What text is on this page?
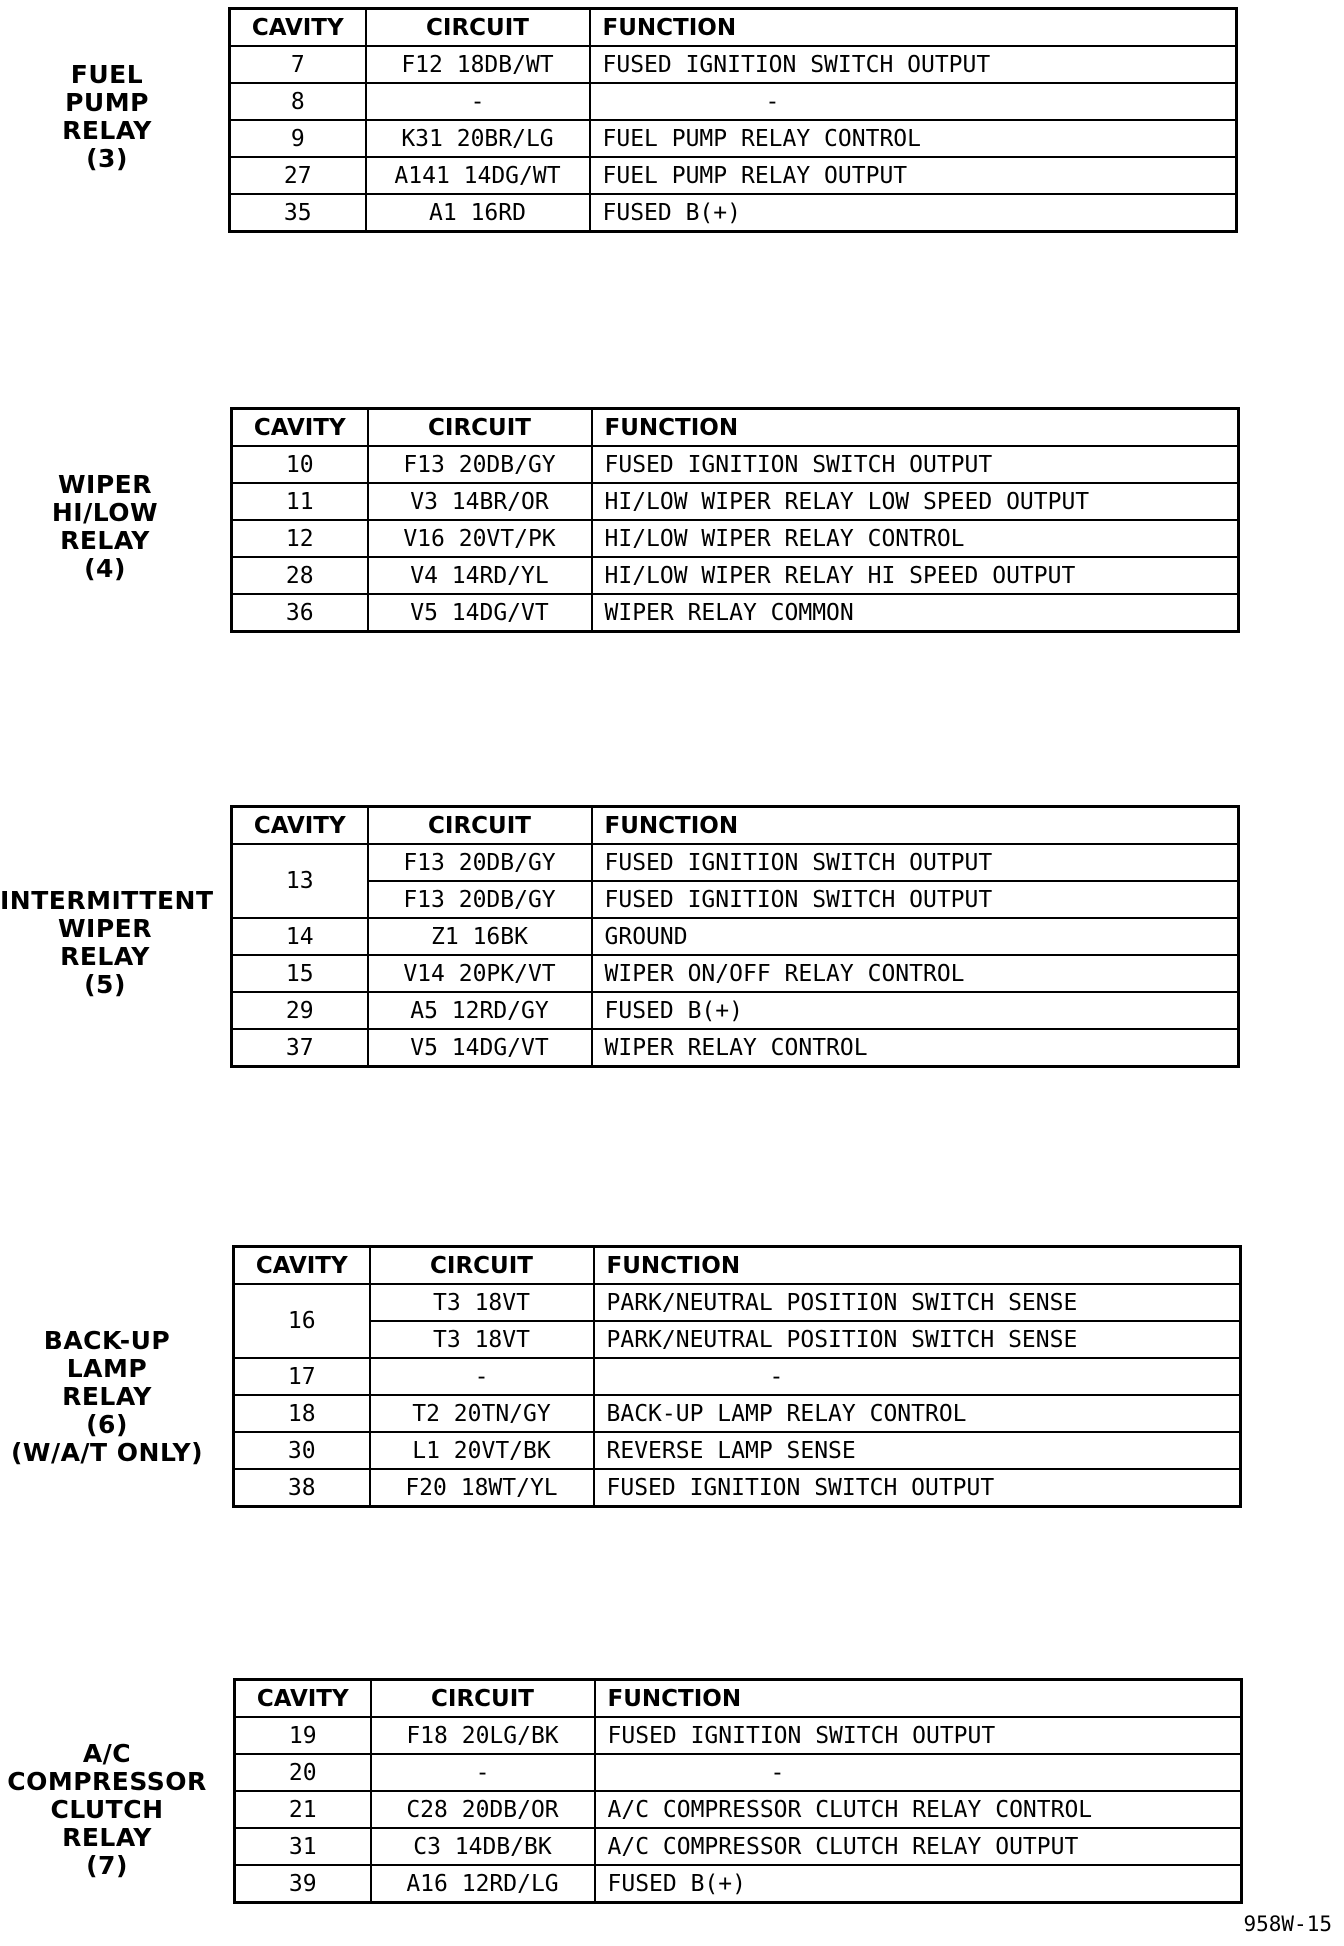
FUEL
PUMP
RELAY
(3)
CAVITY	CIRCUIT	FUNCTION
7	F12 18DB/WT	FUSED IGNITION SWITCH OUTPUT
8	-	-
9	K31 20BR/LG	FUEL PUMP RELAY CONTROL
27	A141 14DG/WT	FUEL PUMP RELAY OUTPUT
35	A1 16RD	FUSED B(+)
WIPER
HI/LOW
RELAY
(4)
CAVITY	CIRCUIT	FUNCTION
10	F13 20DB/GY	FUSED IGNITION SWITCH OUTPUT
11	V3 14BR/OR	HI/LOW WIPER RELAY LOW SPEED OUTPUT
12	V16 20VT/PK	HI/LOW WIPER RELAY CONTROL
28	V4 14RD/YL	HI/LOW WIPER RELAY HI SPEED OUTPUT
36	V5 14DG/VT	WIPER RELAY COMMON
INTERMITTENT
WIPER
RELAY
(5)
CAVITY	CIRCUIT	FUNCTION
13	F13 20DB/GY	FUSED IGNITION SWITCH OUTPUT
	F13 20DB/GY	FUSED IGNITION SWITCH OUTPUT
14	Z1 16BK	GROUND
15	V14 20PK/VT	WIPER ON/OFF RELAY CONTROL
29	A5 12RD/GY	FUSED B(+)
37	V5 14DG/VT	WIPER RELAY CONTROL
BACK-UP
LAMP
RELAY
(6)
(W/A/T ONLY)
CAVITY	CIRCUIT	FUNCTION
16	T3 18VT	PARK/NEUTRAL POSITION SWITCH SENSE
	T3 18VT	PARK/NEUTRAL POSITION SWITCH SENSE
17	-	-
18	T2 20TN/GY	BACK-UP LAMP RELAY CONTROL
30	L1 20VT/BK	REVERSE LAMP SENSE
38	F20 18WT/YL	FUSED IGNITION SWITCH OUTPUT
A/C
COMPRESSOR
CLUTCH
RELAY
(7)
CAVITY	CIRCUIT	FUNCTION
19	F18 20LG/BK	FUSED IGNITION SWITCH OUTPUT
20	-	-
21	C28 20DB/OR	A/C COMPRESSOR CLUTCH RELAY CONTROL
31	C3 14DB/BK	A/C COMPRESSOR CLUTCH RELAY OUTPUT
39	A16 12RD/LG	FUSED B(+)
958W-15
